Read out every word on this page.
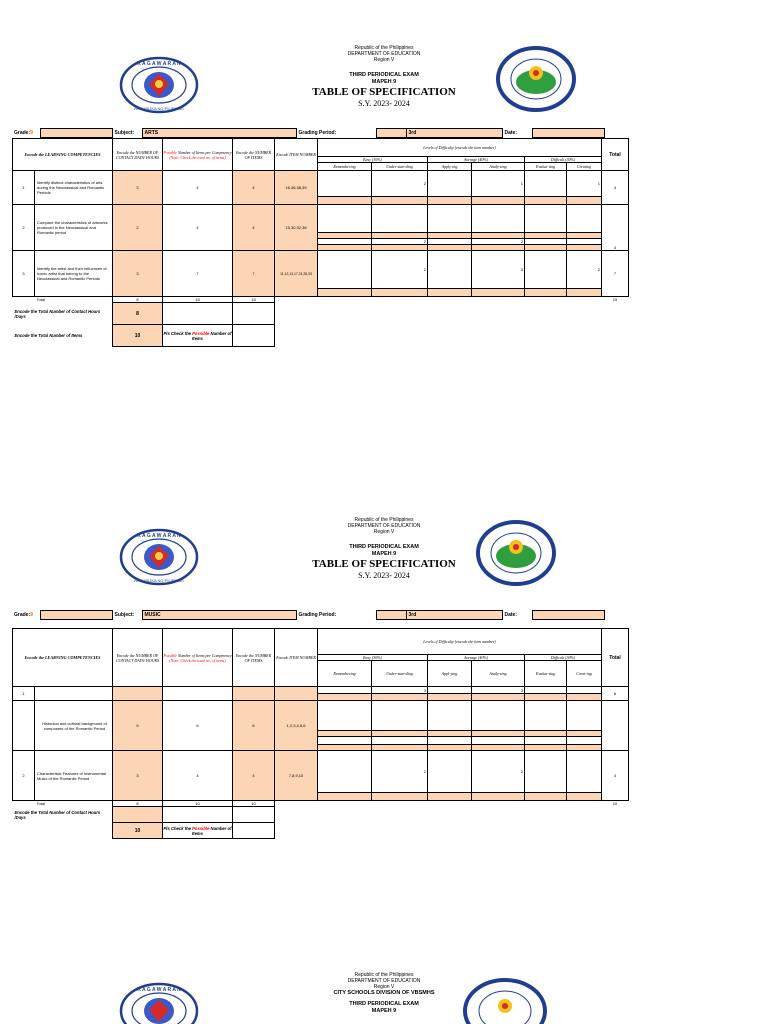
Republic of the Philippines
DEPARTMENT OF EDUCATION
Region V
THIRD PERIODICAL EXAM
MAPEH 9
TABLE OF SPECIFICATION
S.Y. 2023- 2024
K A G A W A R A N
REPUBLIKA NG PILIPINAS
MEMORIAL
Grade:9		Subject:	ARTS	Grading Period:		3rd	Date:	
Encode the LEARNING COMPETENCIES		Encode the NUMBER OF CONTACT DAYS/ HOURS	Possible Number of Items per Competency (Note: Check the total no. of items)	Encode the NUMBER OF ITEMS	Encode ITEM NUMBER	Levels of Difficulty (encode the item number)						Total
						Easy (30%)		Average (40%)		Difficult (30%)		
						Remembering	Under-stan-ding	Apply-ing	Analy-zing	Evalua-ting	Creating	
1	Identify distinct characteristics of arts during the Neoclassical and Romantic Periods	3	4	4	16,36,38,39		2		1		1	4

2	Compare the characteristics of artworks produced in the Neoclassical and Romantic period	2	4	4	15,30,32,38							4

							2		2			

3	Identify the artist and their influences of iconic artist that belong to the Neoclassical and Romantic Periods	3	7	7	11,12,13,17,21,28,33		2		3		2	7

	Total	8	15	15								15
Encode the Total Number of Contact Hours /Days		8										
Encode the Total Number of Items		10	Pls Check the Possible Number of Items									
Republic of the Philippines
DEPARTMENT OF EDUCATION
Region V
THIRD PERIODICAL EXAM
MAPEH 9
TABLE OF SPECIFICATION
S.Y. 2023- 2024
K A G A W A R A N
REPUBLIKA NG PILIPINAS
MEMORIAL
Grade:9		Subject:	MUSIC	Grading Period:		3rd	Date:	
Encode the LEARNING COMPETENCIES		Encode the NUMBER OF CONTACT DAYS/ HOURS	Possible Number of Items per Competency (Note: Check the total no. of items)	Encode the NUMBER OF ITEMS	Encode ITEM NUMBER	Levels of Difficulty (encode the item number)						Total
						Easy (30%)		Average (40%)		Difficult (30%)		
						Remembering	Under-stan-ding	Appl-ying	Analy-zing	Evalua-ting	Creat-ing	
1							3		3			6

	Historical and cultural background of composers of the Romantic Period	5	6	6	1,2,3,4,5,6							

2	Characteristic Features of Instrumental Music of the Romantic Period	3	4	4	7,8,9,10		2		2			4

	Total	8	10	10								10
Encode the Total Number of Contact Hours /Days												
		10	Pls Check the Possible Number of Items									
Republic of the Philippines
DEPARTMENT OF EDUCATION
Region V
CITY SCHOOLS DIVISION OF VBSMHS
THIRD PERIODICAL EXAM
MAPEH 9
K A G A W A R A N	MEMORIAL
